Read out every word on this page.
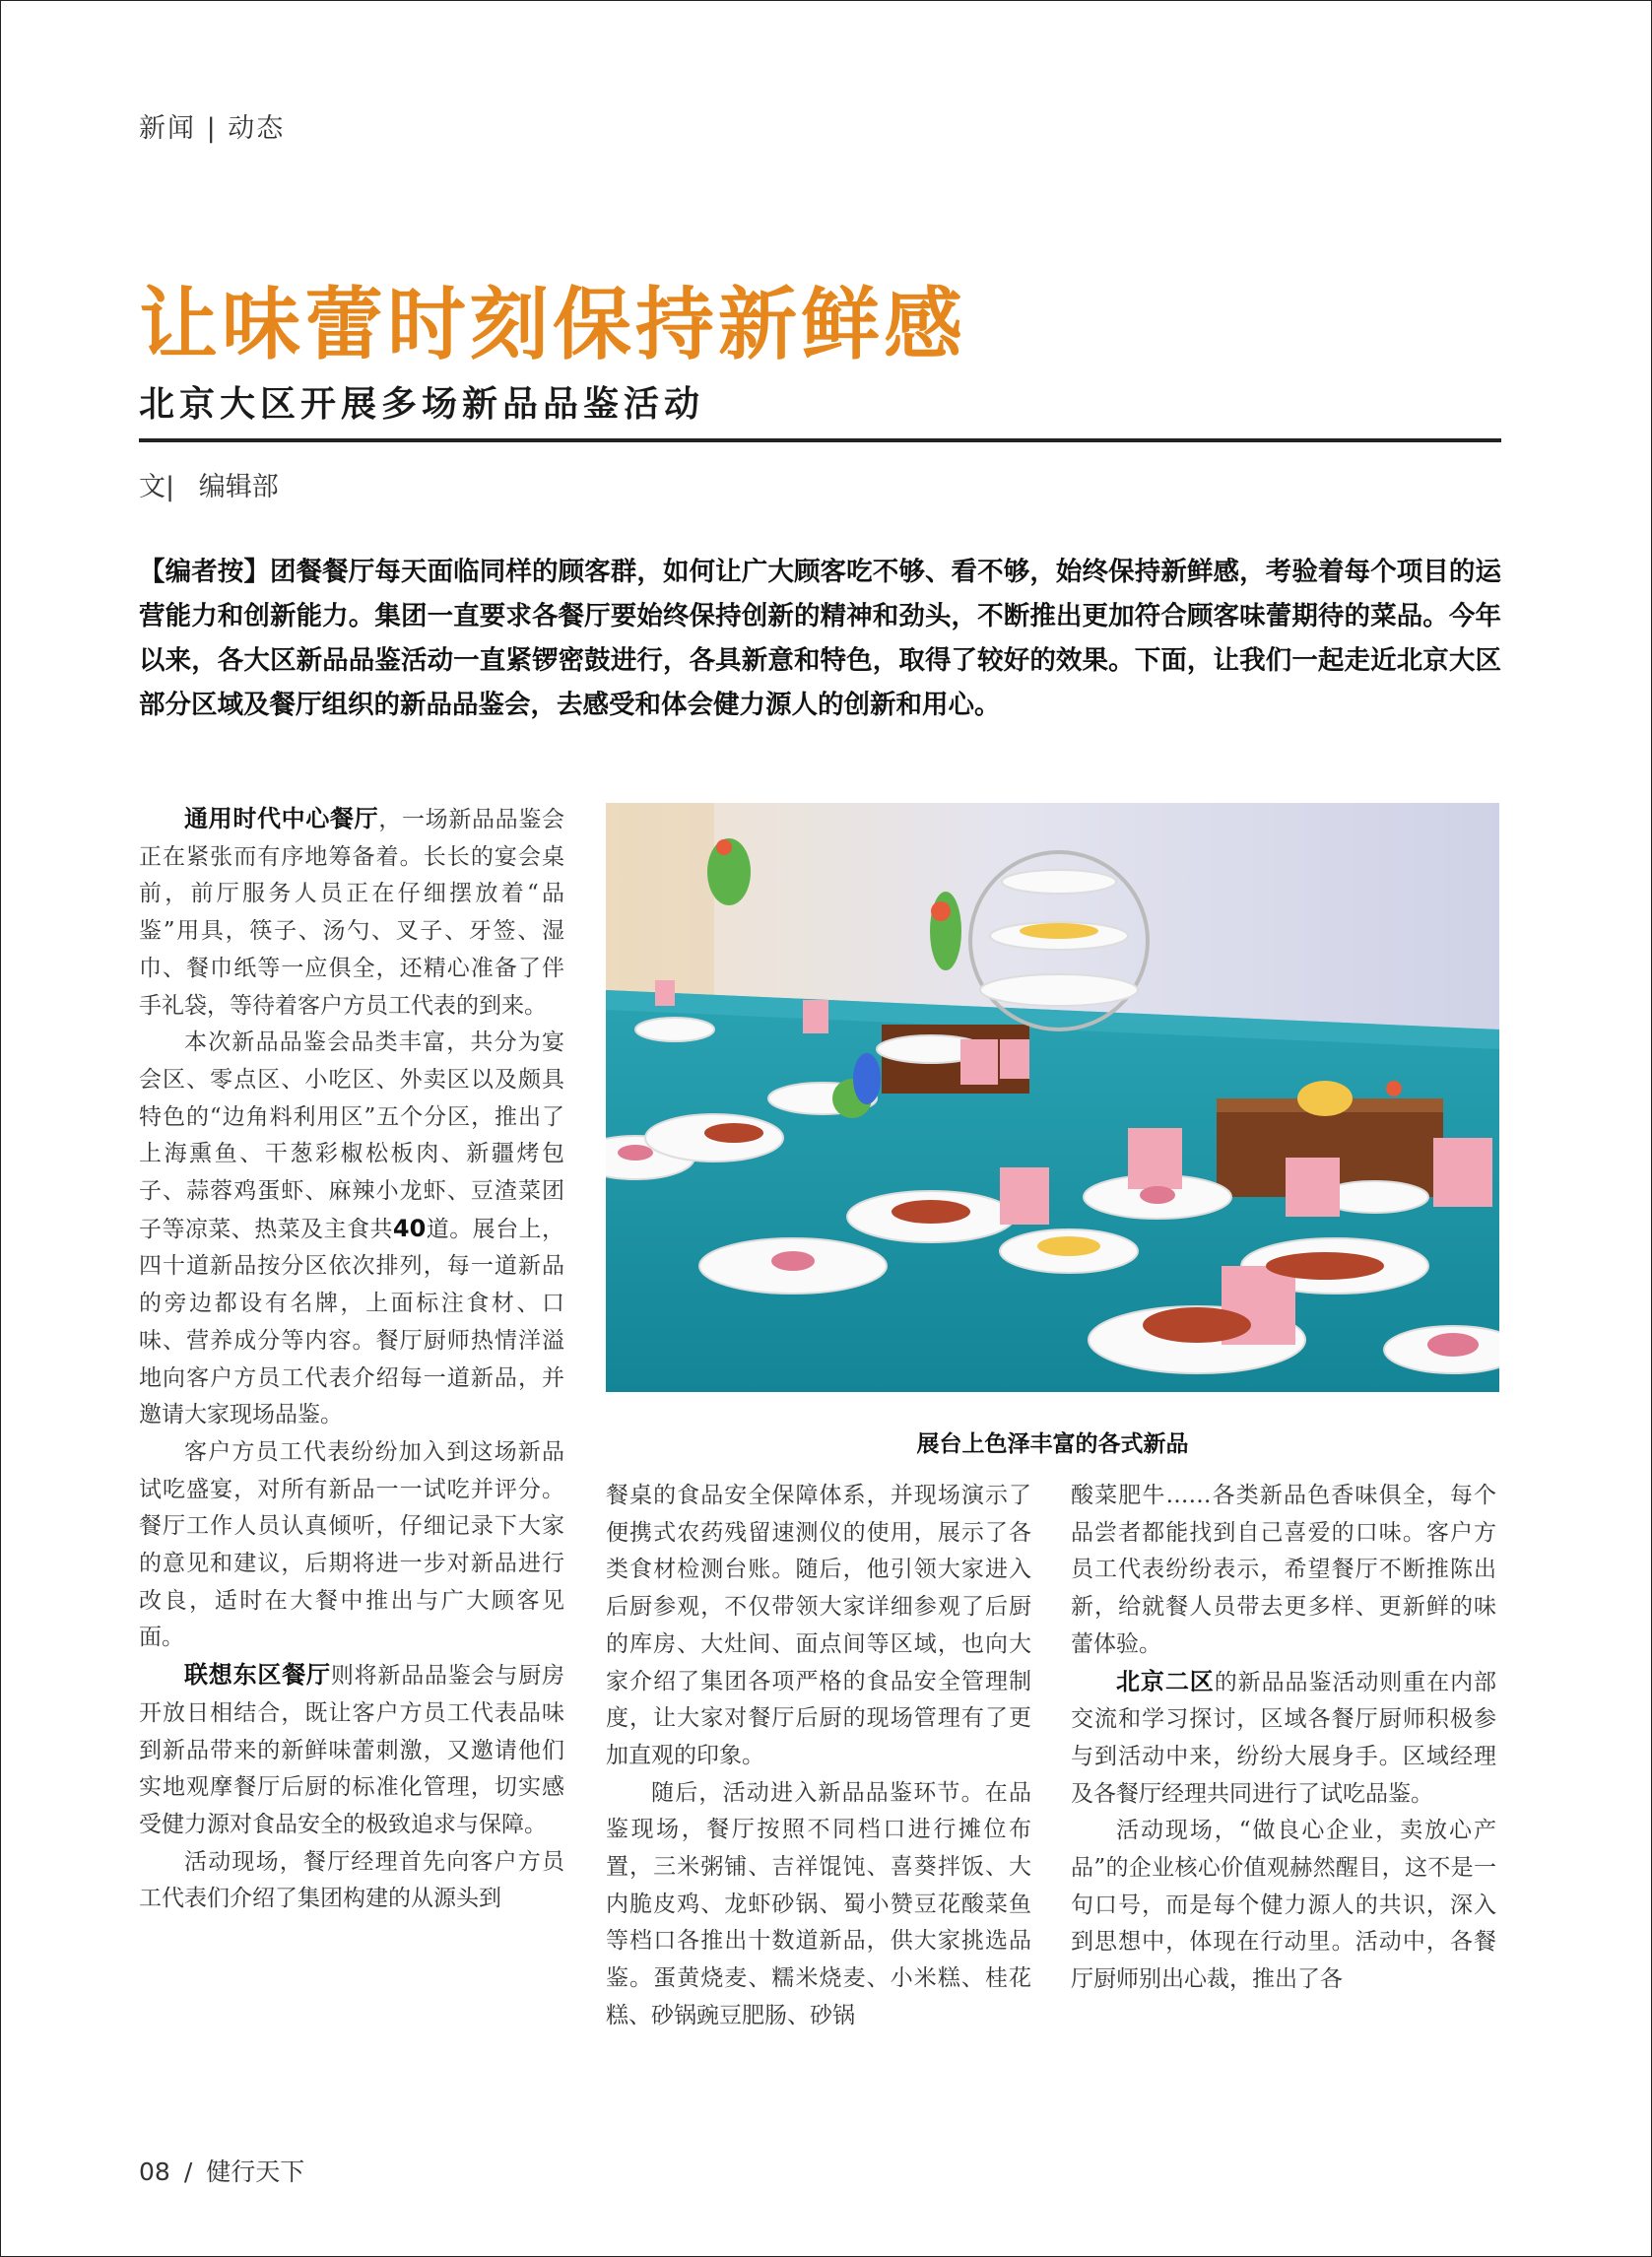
新闻 | 动态
让味蕾时刻保持新鲜感
北京大区开展多场新品品鉴活动
文| 编辑部
【编者按】团餐餐厅每天面临同样的顾客群，如何让广大顾客吃不够、看不够，始终保持新鲜感，考验着每个项目的运营能力和创新能力。集团一直要求各餐厅要始终保持创新的精神和劲头，不断推出更加符合顾客味蕾期待的菜品。今年以来，各大区新品品鉴活动一直紧锣密鼓进行，各具新意和特色，取得了较好的效果。下面，让我们一起走近北京大区部分区域及餐厅组织的新品品鉴会，去感受和体会健力源人的创新和用心。

通用时代中心餐厅，一场新品品鉴会正在紧张而有序地筹备着。长长的宴会桌前，前厅服务人员正在仔细摆放着“品鉴”用具，筷子、汤勺、叉子、牙签、湿巾、餐巾纸等一应俱全，还精心准备了伴手礼袋，等待着客户方员工代表的到来。

本次新品品鉴会品类丰富，共分为宴会区、零点区、小吃区、外卖区以及颇具特色的“边角料利用区”五个分区，推出了上海熏鱼、干葱彩椒松板肉、新疆烤包子、蒜蓉鸡蛋虾、麻辣小龙虾、豆渣菜团子等凉菜、热菜及主食共40道。展台上，四十道新品按分区依次排列，每一道新品的旁边都设有名牌，上面标注食材、口味、营养成分等内容。餐厅厨师热情洋溢地向客户方员工代表介绍每一道新品，并邀请大家现场品鉴。

客户方员工代表纷纷加入到这场新品试吃盛宴，对所有新品一一试吃并评分。餐厅工作人员认真倾听，仔细记录下大家的意见和建议，后期将进一步对新品进行改良，适时在大餐中推出与广大顾客见面。

联想东区餐厅则将新品品鉴会与厨房开放日相结合，既让客户方员工代表品味到新品带来的新鲜味蕾刺激，又邀请他们实地观摩餐厅后厨的标准化管理，切实感受健力源对食品安全的极致追求与保障。

活动现场，餐厅经理首先向客户方员工代表们介绍了集团构建的从源头到

展台上色泽丰富的各式新品

餐桌的食品安全保障体系，并现场演示了便携式农药残留速测仪的使用，展示了各类食材检测台账。随后，他引领大家进入后厨参观，不仅带领大家详细参观了后厨的库房、大灶间、面点间等区域，也向大家介绍了集团各项严格的食品安全管理制度，让大家对餐厅后厨的现场管理有了更加直观的印象。

随后，活动进入新品品鉴环节。在品鉴现场，餐厅按照不同档口进行摊位布置，三米粥铺、吉祥馄饨、喜葵拌饭、大内脆皮鸡、龙虾砂锅、蜀小赞豆花酸菜鱼等档口各推出十数道新品，供大家挑选品鉴。蛋黄烧麦、糯米烧麦、小米糕、桂花糕、砂锅豌豆肥肠、砂锅

酸菜肥牛……各类新品色香味俱全，每个品尝者都能找到自己喜爱的口味。客户方员工代表纷纷表示，希望餐厅不断推陈出新，给就餐人员带去更多样、更新鲜的味蕾体验。

北京二区的新品品鉴活动则重在内部交流和学习探讨，区域各餐厅厨师积极参与到活动中来，纷纷大展身手。区域经理及各餐厅经理共同进行了试吃品鉴。

活动现场，“做良心企业，卖放心产品”的企业核心价值观赫然醒目，这不是一句口号，而是每个健力源人的共识，深入到思想中，体现在行动里。活动中，各餐厅厨师别出心裁，推出了各

08 / 健行天下
